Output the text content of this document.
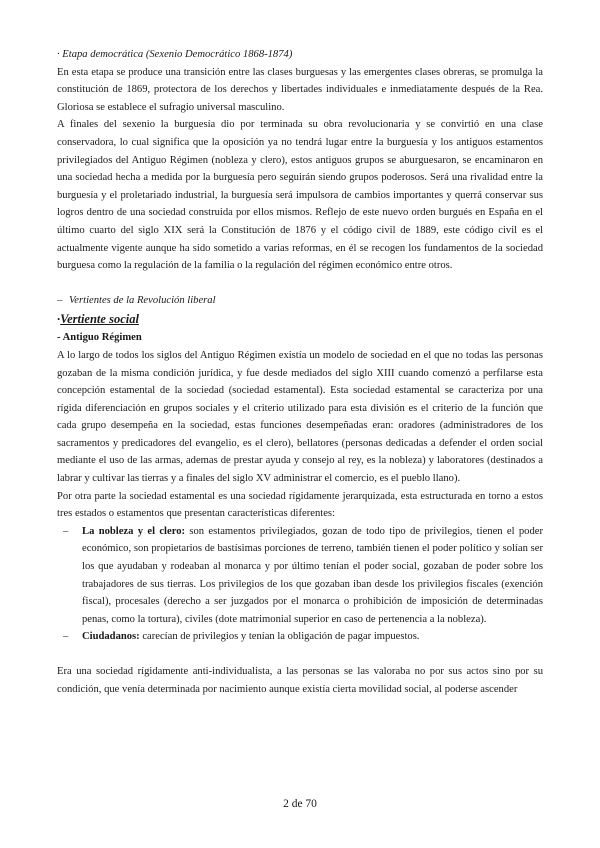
· Etapa democrática (Sexenio Democrático 1868-1874)

En esta etapa se produce una transición entre las clases burguesas y las emergentes clases obreras, se promulga la constitución de 1869, protectora de los derechos y libertades individuales e inmediatamente después de la Rea. Gloriosa se establece el sufragio universal masculino.

A finales del sexenio la burguesía dio por terminada su obra revolucionaria y se convirtió en una clase conservadora, lo cual significa que la oposición ya no tendrá lugar entre la burguesía y los antiguos estamentos privilegiados del Antiguo Régimen (nobleza y clero), estos antiguos grupos se aburguesaron, se encaminaron en una sociedad hecha a medida por la burguesía pero seguirán siendo grupos poderosos. Será una rivalidad entre la burguesía y el proletariado industrial, la burguesía será impulsora de cambios importantes y querrá conservar sus logros dentro de una sociedad construida por ellos mismos. Reflejo de este nuevo orden burgués en España en el último cuarto del siglo XIX será la Constitución de 1876 y el código civil de 1889, este código civil es el actualmente vigente aunque ha sido sometido a varias reformas, en él se recogen los fundamentos de la sociedad burguesa como la regulación de la familia o la regulación del régimen económico entre otros.

– Vertientes de la Revolución liberal

·Vertiente social

- Antiguo Régimen

A lo largo de todos los siglos del Antiguo Régimen existía un modelo de sociedad en el que no todas las personas gozaban de la misma condición jurídica, y fue desde mediados del siglo XIII cuando comenzó a perfilarse esta concepción estamental de la sociedad (sociedad estamental). Esta sociedad estamental se caracteriza por una rígida diferenciación en grupos sociales y el criterio utilizado para esta división es el criterio de la función que cada grupo desempeña en la sociedad, estas funciones desempeñadas eran: oradores (administradores de los sacramentos y predicadores del evangelio, es el clero), bellatores (personas dedicadas a defender el orden social mediante el uso de las armas, ademas de prestar ayuda y consejo al rey, es la nobleza) y laboratores (destinados a labrar y cultivar las tierras y a finales del siglo XV administrar el comercio, es el pueblo llano).

Por otra parte la sociedad estamental es una sociedad rígidamente jerarquizada, esta estructurada en torno a estos tres estados o estamentos que presentan características diferentes:

– La nobleza y el clero: son estamentos privilegiados, gozan de todo tipo de privilegios, tienen el poder económico, son propietarios de bastísimas porciones de terreno, también tienen el poder político y solían ser los que ayudaban y rodeaban al monarca y por último tenían el poder social, gozaban de poder sobre los trabajadores de sus tierras. Los privilegios de los que gozaban iban desde los privilegios fiscales (exención fiscal), procesales (derecho a ser juzgados por el monarca o prohibición de imposición de determinadas penas, como la tortura), civiles (dote matrimonial superior en caso de pertenencia a la nobleza).
– Ciudadanos: carecían de privilegios y tenían la obligación de pagar impuestos.

Era una sociedad rígidamente anti-individualista, a las personas se las valoraba no por sus actos sino por su condición, que venía determinada por nacimiento aunque existía cierta movilidad social, al poderse ascender

2 de 70
